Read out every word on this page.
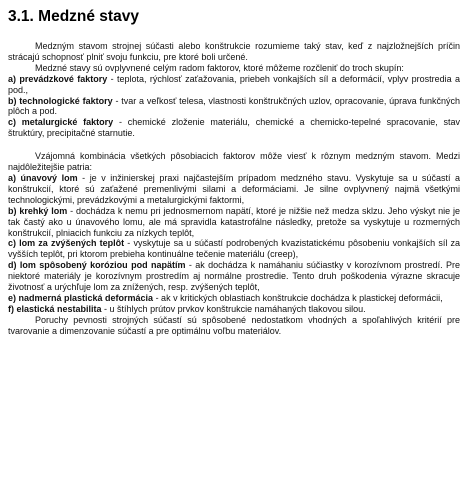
3.1. Medzné stavy

Medzným stavom strojnej súčasti alebo konštrukcie rozumieme taký stav, keď z najzložnejších príčin strácajú schopnosť plniť svoju funkciu, pre ktoré boli určené.

Medzné stavy sú ovplyvnené celým radom faktorov, ktoré môžeme rozčleniť do troch skupín:

a) prevádzkové faktory - teplota, rýchlosť zaťažovania, priebeh vonkajších síl a deformácií, vplyv prostredia a pod.,

b) technologické faktory - tvar a veľkosť telesa, vlastnosti konštrukčných uzlov, opracovanie, úprava funkčných plôch a pod.

c) metalurgické faktory - chemické zloženie materiálu, chemické a chemicko-tepelné spracovanie, stav štruktúry, precipitačné starnutie.

Vzájomná kombinácia všetkých pôsobiacich faktorov môže viesť k rôznym medzným stavom. Medzi najdôležitejšie patria:

a) únavový lom - je v inžinierskej praxi najčastejším prípadom medzného stavu. Vyskytuje sa u súčastí a konštrukcií, ktoré sú zaťažené premenlivými silami a deformáciami. Je silne ovplyvnený najmä všetkými technologickými, prevádzkovými a metalurgickými faktormi,

b) krehký lom - dochádza k nemu pri jednosmernom napätí, ktoré je nižšie než medza sklzu. Jeho výskyt nie je tak častý ako u únavového lomu, ale má spravidla katastrofálne následky, pretože sa vyskytuje u rozmerných konštrukcií, plniacich funkciu za nízkych teplôt,

c) lom za zvýšených teplôt - vyskytuje sa u súčastí podrobených kvazistatickému pôsobeniu vonkajších síl za vyšších teplôt, pri ktorom prebieha kontinuálne tečenie materiálu (creep),

d) lom spôsobený koróziou pod napätím - ak dochádza k namáhaniu súčiastky v korozívnom prostredí. Pre niektoré materiály je korozívnym prostredím aj normálne prostredie. Tento druh poškodenia výrazne skracuje životnosť a urýchľuje lom za znížených, resp. zvýšených teplôt,

e) nadmerná plastická deformácia - ak v kritických oblastiach konštrukcie dochádza k plastickej deformácii,

f) elastická nestabilita - u štíhlych prútov prvkov konštrukcie namáhaných tlakovou silou.

Poruchy pevnosti strojných súčastí sú spôsobené nedostatkom vhodných a spoľahlivých kritérií pre tvarovanie a dimenzovanie súčastí a pre optimálnu voľbu materiálov.
